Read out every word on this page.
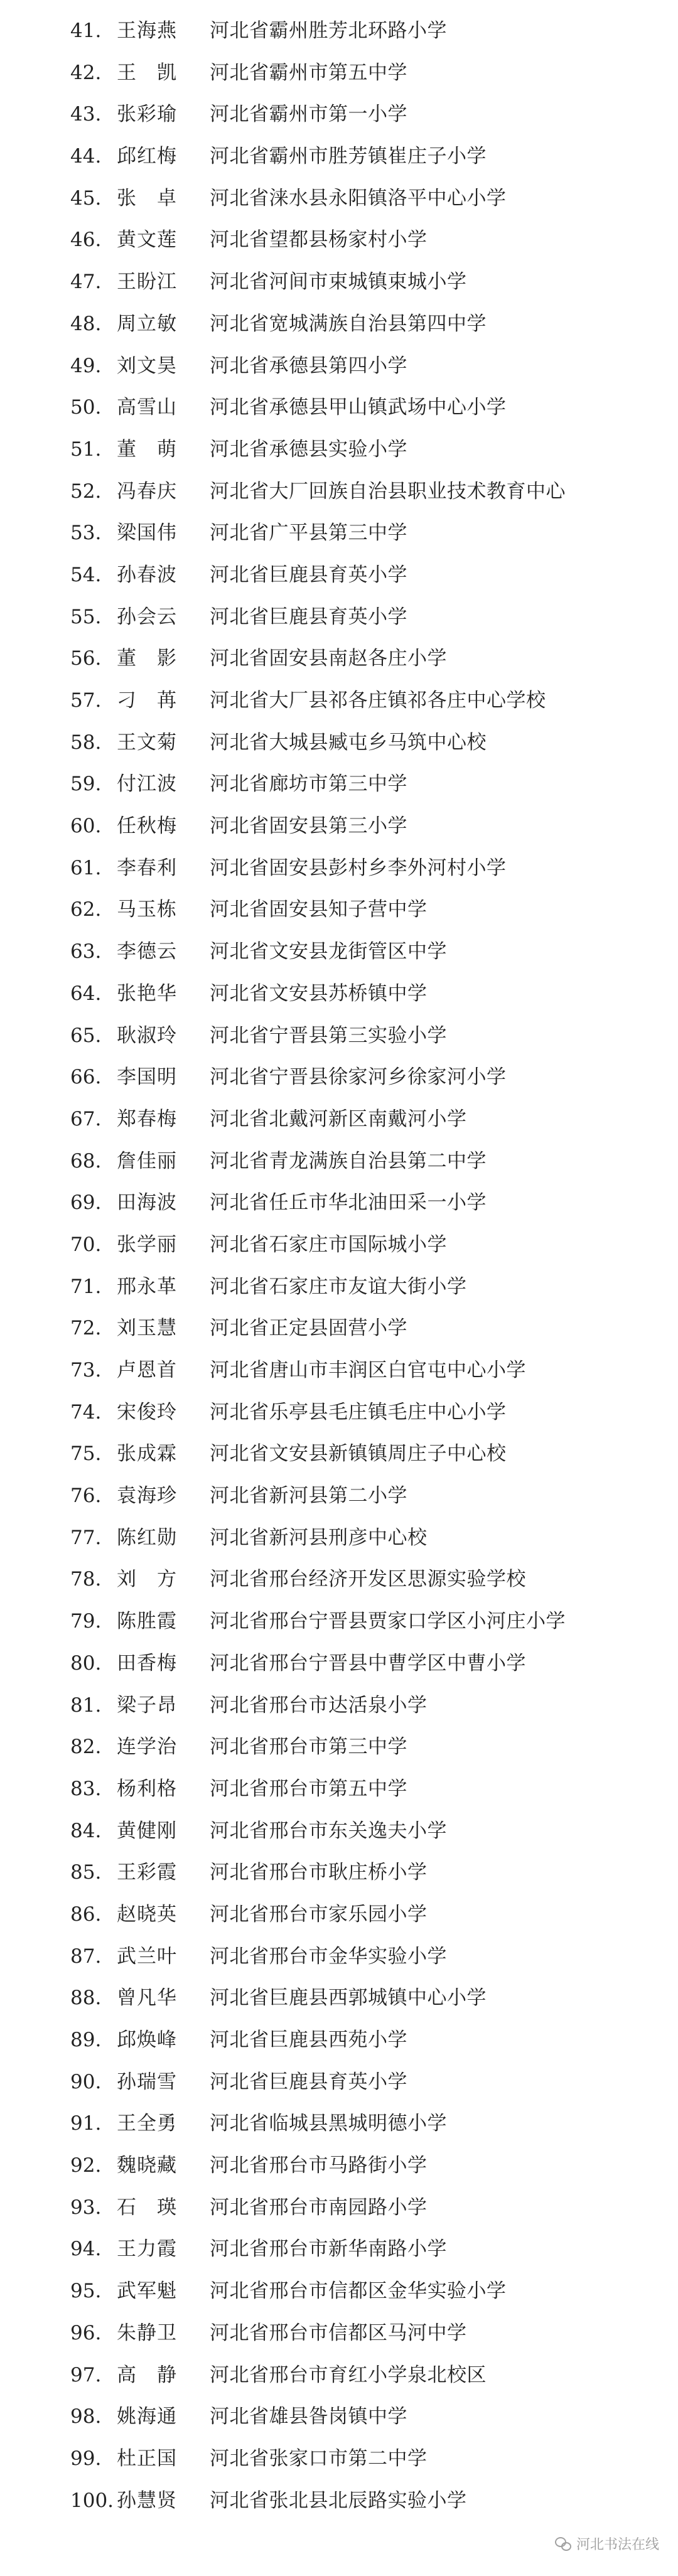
41. 王海燕	河北省霸州胜芳北环路小学
42. 王　凯	河北省霸州市第五中学
43. 张彩瑜	河北省霸州市第一小学
44. 邱红梅	河北省霸州市胜芳镇崔庄子小学
45. 张　卓	河北省涞水县永阳镇洛平中心小学
46. 黄文莲	河北省望都县杨家村小学
47. 王盼江	河北省河间市束城镇束城小学
48. 周立敏	河北省宽城满族自治县第四中学
49. 刘文昊	河北省承德县第四小学
50. 高雪山	河北省承德县甲山镇武场中心小学
51. 董　萌	河北省承德县实验小学
52. 冯春庆	河北省大厂回族自治县职业技术教育中心
53. 梁国伟	河北省广平县第三中学
54. 孙春波	河北省巨鹿县育英小学
55. 孙会云	河北省巨鹿县育英小学
56. 董　影	河北省固安县南赵各庄小学
57. 刁　苒	河北省大厂县祁各庄镇祁各庄中心学校
58. 王文菊	河北省大城县臧屯乡马筑中心校
59. 付江波	河北省廊坊市第三中学
60. 任秋梅	河北省固安县第三小学
61. 李春利	河北省固安县彭村乡李外河村小学
62. 马玉栋	河北省固安县知子营中学
63. 李德云	河北省文安县龙街管区中学
64. 张艳华	河北省文安县苏桥镇中学
65. 耿淑玲	河北省宁晋县第三实验小学
66. 李国明	河北省宁晋县徐家河乡徐家河小学
67. 郑春梅	河北省北戴河新区南戴河小学
68. 詹佳丽	河北省青龙满族自治县第二中学
69. 田海波	河北省任丘市华北油田采一小学
70. 张学丽	河北省石家庄市国际城小学
71. 邢永革	河北省石家庄市友谊大街小学
72. 刘玉慧	河北省正定县固营小学
73. 卢恩首	河北省唐山市丰润区白官屯中心小学
74. 宋俊玲	河北省乐亭县毛庄镇毛庄中心小学
75. 张成霖	河北省文安县新镇镇周庄子中心校
76. 袁海珍	河北省新河县第二小学
77. 陈红勋	河北省新河县刑彦中心校
78. 刘　方	河北省邢台经济开发区思源实验学校
79. 陈胜霞	河北省邢台宁晋县贾家口学区小河庄小学
80. 田香梅	河北省邢台宁晋县中曹学区中曹小学
81. 梁子昂	河北省邢台市达活泉小学
82. 连学治	河北省邢台市第三中学
83. 杨利格	河北省邢台市第五中学
84. 黄健刚	河北省邢台市东关逸夫小学
85. 王彩霞	河北省邢台市耿庄桥小学
86. 赵晓英	河北省邢台市家乐园小学
87. 武兰叶	河北省邢台市金华实验小学
88. 曾凡华	河北省巨鹿县西郭城镇中心小学
89. 邱焕峰	河北省巨鹿县西苑小学
90. 孙瑞雪	河北省巨鹿县育英小学
91. 王全勇	河北省临城县黑城明德小学
92. 魏晓藏	河北省邢台市马路街小学
93. 石　瑛	河北省邢台市南园路小学
94. 王力霞	河北省邢台市新华南路小学
95. 武军魁	河北省邢台市信都区金华实验小学
96. 朱静卫	河北省邢台市信都区马河中学
97. 高　静	河北省邢台市育红小学泉北校区
98. 姚海通	河北省雄县昝岗镇中学
99. 杜正国	河北省张家口市第二中学
100. 孙慧贤	河北省张北县北辰路实验小学
河北书法在线
